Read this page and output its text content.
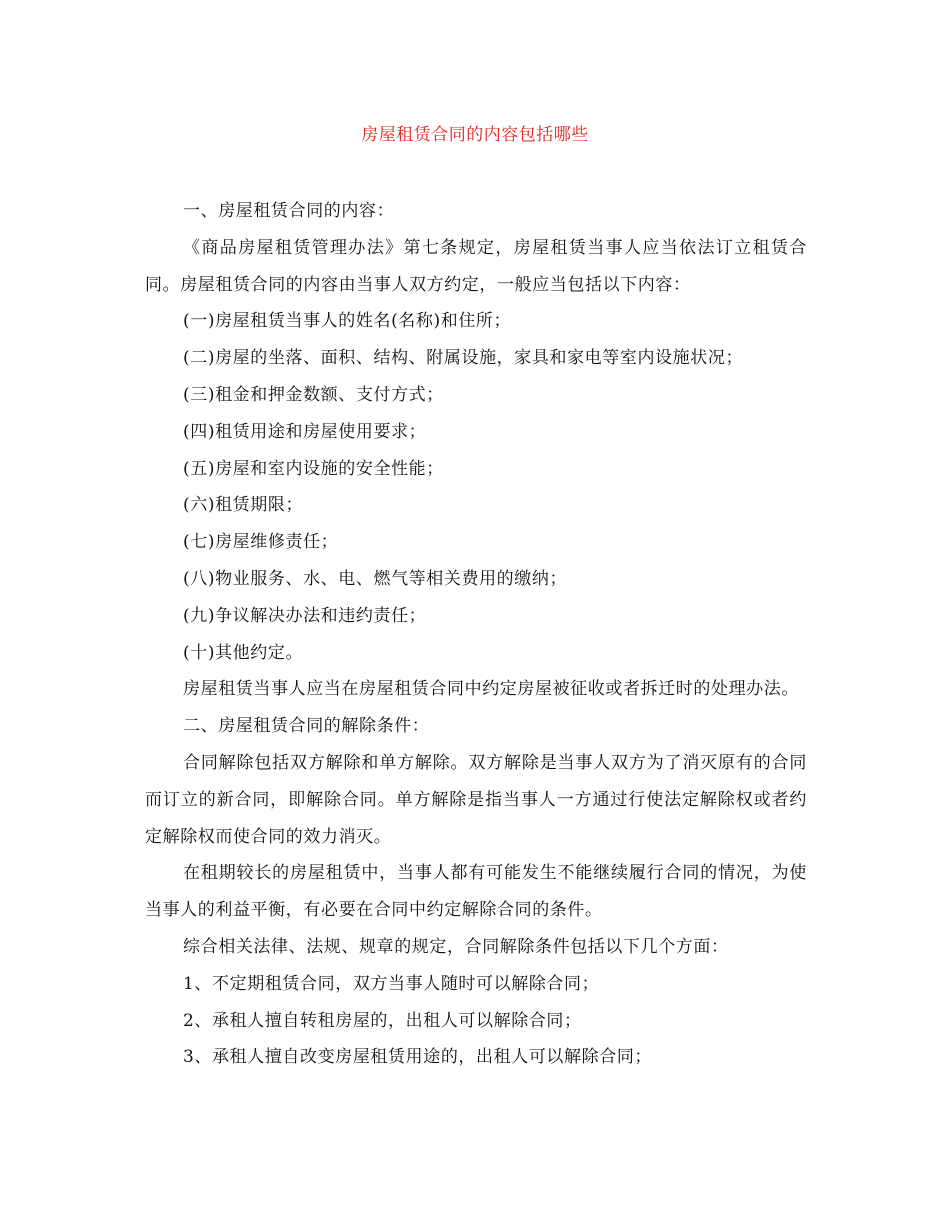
房屋租赁合同的内容包括哪些

一、房屋租赁合同的内容：

《商品房屋租赁管理办法》第七条规定，房屋租赁当事人应当依法订立租赁合同。房屋租赁合同的内容由当事人双方约定，一般应当包括以下内容：

(一)房屋租赁当事人的姓名(名称)和住所；

(二)房屋的坐落、面积、结构、附属设施，家具和家电等室内设施状况；

(三)租金和押金数额、支付方式；

(四)租赁用途和房屋使用要求；

(五)房屋和室内设施的安全性能；

(六)租赁期限；

(七)房屋维修责任；

(八)物业服务、水、电、燃气等相关费用的缴纳；

(九)争议解决办法和违约责任；

(十)其他约定。

房屋租赁当事人应当在房屋租赁合同中约定房屋被征收或者拆迁时的处理办法。

二、房屋租赁合同的解除条件：

合同解除包括双方解除和单方解除。双方解除是当事人双方为了消灭原有的合同而订立的新合同，即解除合同。单方解除是指当事人一方通过行使法定解除权或者约定解除权而使合同的效力消灭。

在租期较长的房屋租赁中，当事人都有可能发生不能继续履行合同的情况，为使当事人的利益平衡，有必要在合同中约定解除合同的条件。

综合相关法律、法规、规章的规定，合同解除条件包括以下几个方面：

1、不定期租赁合同，双方当事人随时可以解除合同；

2、承租人擅自转租房屋的，出租人可以解除合同；

3、承租人擅自改变房屋租赁用途的，出租人可以解除合同；
